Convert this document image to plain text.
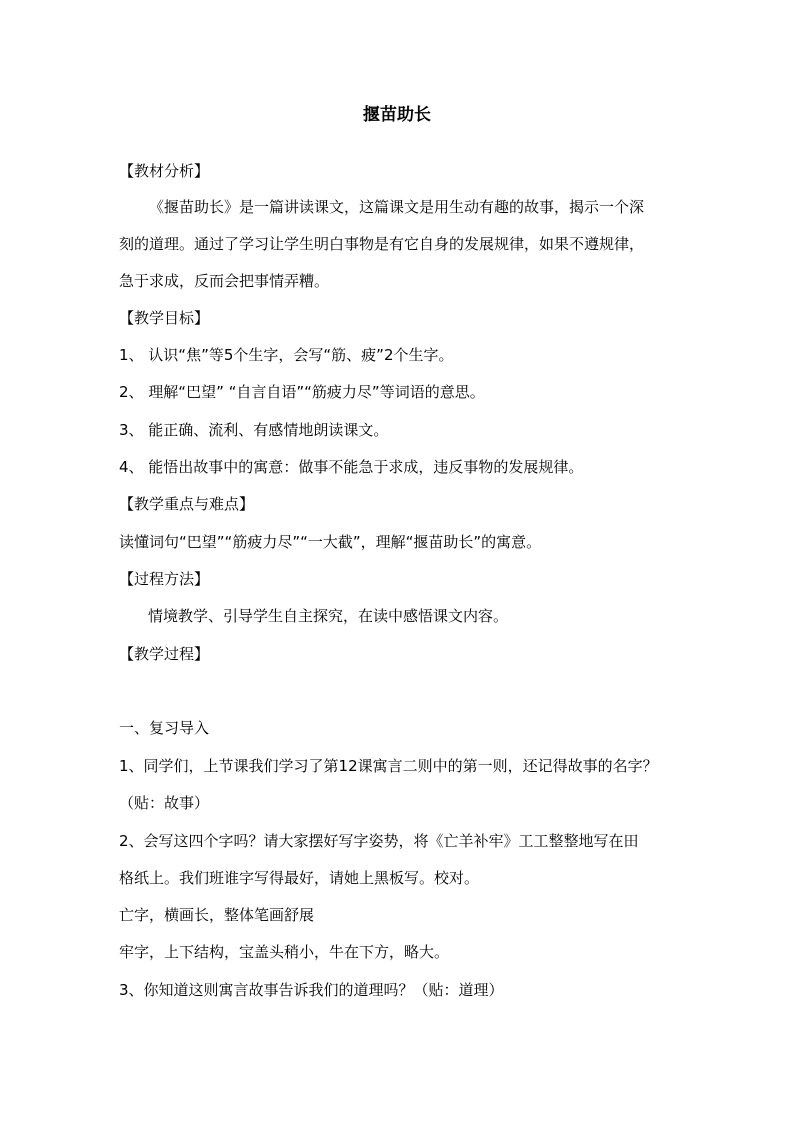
揠苗助长
【教材分析】
《揠苗助长》是一篇讲读课文，这篇课文是用生动有趣的故事，揭示一个深
刻的道理。通过了学习让学生明白事物是有它自身的发展规律，如果不遵规律，
急于求成，反而会把事情弄糟。
【教学目标】
1、 认识“焦”等5个生字，会写“筋、疲”2个生字。
2、 理解“巴望” “自言自语”“筋疲力尽”等词语的意思。
3、 能正确、流利、有感情地朗读课文。
4、 能悟出故事中的寓意：做事不能急于求成，违反事物的发展规律。
【教学重点与难点】
读懂词句“巴望”“筋疲力尽”“一大截”，理解“揠苗助长”的寓意。
【过程方法】
情境教学、引导学生自主探究，在读中感悟课文内容。
【教学过程】
一、复习导入
1、同学们，上节课我们学习了第12课寓言二则中的第一则，还记得故事的名字？
（贴：故事）
2、会写这四个字吗？请大家摆好写字姿势，将《亡羊补牢》工工整整地写在田
格纸上。我们班谁字写得最好，请她上黑板写。校对。
亡字，横画长，整体笔画舒展
牢字，上下结构，宝盖头稍小，牛在下方，略大。
3、你知道这则寓言故事告诉我们的道理吗？（贴：道理）
